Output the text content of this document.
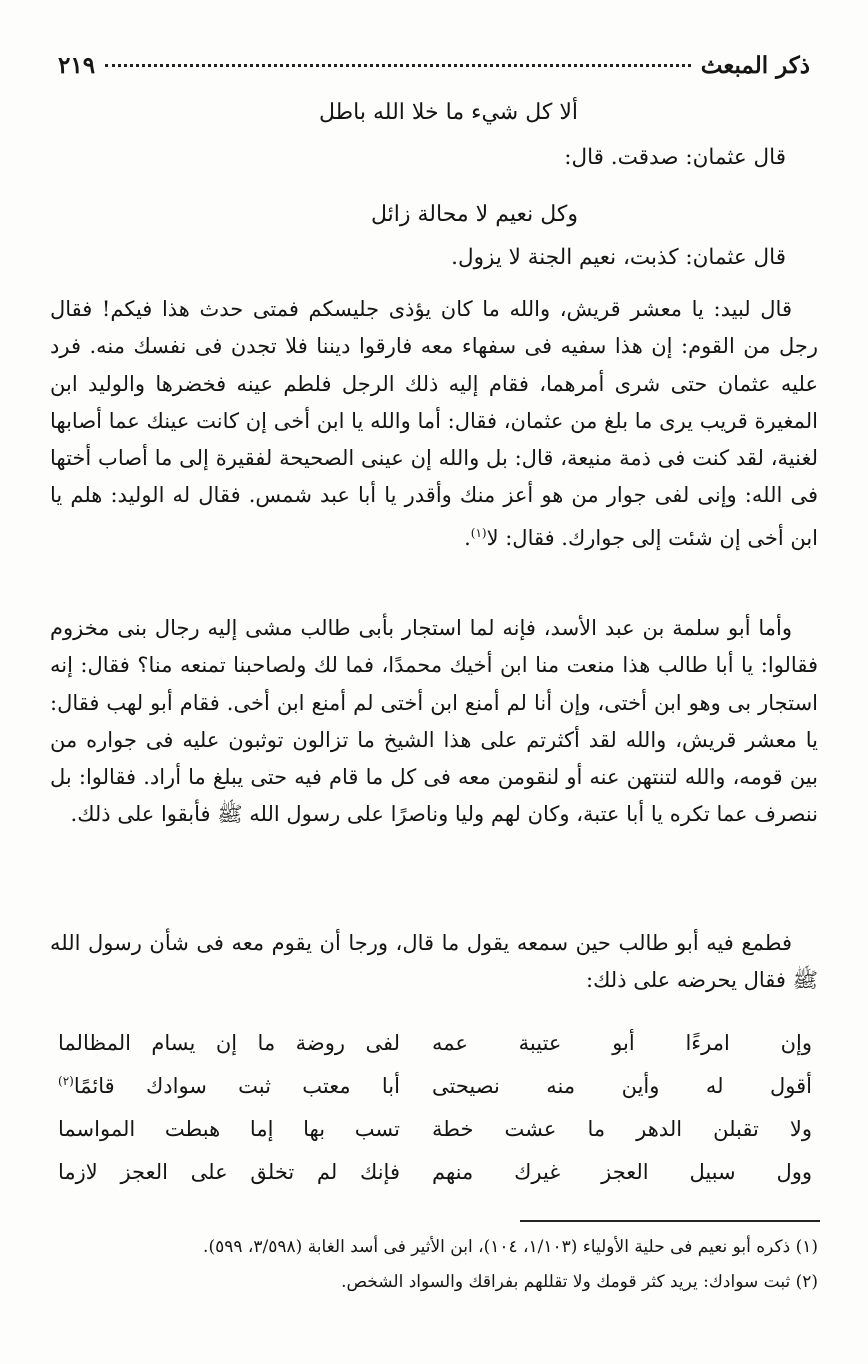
ذكر المبعث
٢١٩
ألا كل شيء ما خلا الله باطل
قال عثمان: صدقت. قال:
وكل نعيم لا محالة زائل
قال عثمان: كذبت، نعيم الجنة لا يزول.

قال لبيد: يا معشر قريش، والله ما كان يؤذى جليسكم فمتى حدث هذا فيكم! فقال رجل من القوم: إن هذا سفيه فى سفهاء معه فارقوا ديننا فلا تجدن فى نفسك منه. فرد عليه عثمان حتى شرى أمرهما، فقام إليه ذلك الرجل فلطم عينه فخضرها والوليد ابن المغيرة قريب يرى ما بلغ من عثمان، فقال: أما والله يا ابن أخى إن كانت عينك عما أصابها لغنية، لقد كنت فى ذمة منيعة، قال: بل والله إن عينى الصحيحة لفقيرة إلى ما أصاب أختها فى الله: وإنى لفى جوار من هو أعز منك وأقدر يا أبا عبد شمس. فقال له الوليد: هلم يا ابن أخى إن شئت إلى جوارك. فقال: لا$^{(١)}$.

وأما أبو سلمة بن عبد الأسد، فإنه لما استجار بأبى طالب مشى إليه رجال بنى مخزوم فقالوا: يا أبا طالب هذا منعت منا ابن أخيك محمدًا، فما لك ولصاحبنا تمنعه منا؟ فقال: إنه استجار بى وهو ابن أختى، وإن أنا لم أمنع ابن أختى لم أمنع ابن أخى. فقام أبو لهب فقال: يا معشر قريش، والله لقد أكثرتم على هذا الشيخ ما تزالون توثبون عليه فى جواره من بين قومه، والله لتنتهن عنه أو لنقومن معه فى كل ما قام فيه حتى يبلغ ما أراد. فقالوا: بل ننصرف عما تكره يا أبا عتبة، وكان لهم وليا وناصرًا على رسول الله ﷺ فأبقوا على ذلك.

فطمع فيه أبو طالب حين سمعه يقول ما قال، ورجا أن يقوم معه فى شأن رسول الله ﷺ فقال يحرضه على ذلك:

وإن امرءًا أبو عتيبة عمه
لفى روضة ما إن يسام المظالما
أقول له وأين منه نصيحتى
أبا معتب ثبت سوادك قائمًا$^{(٢)}$
ولا تقبلن الدهر ما عشت خطة
تسب بها إما هبطت المواسما
وول سبيل العجز غيرك منهم
فإنك لم تخلق على العجز لازما

(١) ذكره أبو نعيم فى حلية الأولياء (١/١٠٣، ١٠٤)، ابن الأثير فى أسد الغابة (٣/٥٩٨، ٥٩٩).

(٢) ثبت سوادك: يريد كثر قومك ولا تقللهم بفراقك والسواد الشخص.
